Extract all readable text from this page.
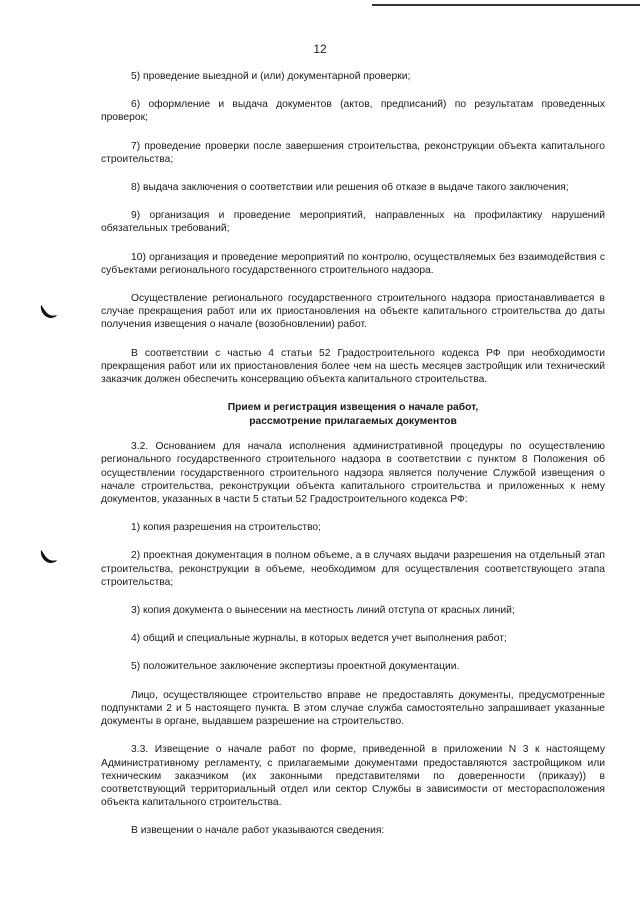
12

5) проведение выездной и (или) документарной проверки;

6) оформление и выдача документов (актов, предписаний) по результатам проведенных проверок;

7) проведение проверки после завершения строительства, реконструкции объекта капитального строительства;

8) выдача заключения о соответствии или решения об отказе в выдаче такого заключения;

9) организация и проведение мероприятий, направленных на профилактику нарушений обязательных требований;

10) организация и проведение мероприятий по контролю, осуществляемых без взаимодействия с субъектами регионального государственного строительного надзора.

Осуществление регионального государственного строительного надзора приостанавливается в случае прекращения работ или их приостановления на объекте капитального строительства до даты получения извещения о начале (возобновлении) работ.

В соответствии с частью 4 статьи 52 Градостроительного кодекса РФ при необходимости прекращения работ или их приостановления более чем на шесть месяцев застройщик или технический заказчик должен обеспечить консервацию объекта капитального строительства.

Прием и регистрация извещения о начале работ,
рассмотрение прилагаемых документов

3.2. Основанием для начала исполнения административной процедуры по осуществлению регионального государственного строительного надзора в соответствии с пунктом 8 Положения об осуществлении государственного строительного надзора является получение Службой извещения о начале строительства, реконструкции объекта капитального строительства и приложенных к нему документов, указанных в части 5 статьи 52 Градостроительного кодекса РФ:

1) копия разрешения на строительство;

2) проектная документация в полном объеме, а в случаях выдачи разрешения на отдельный этап строительства, реконструкции в объеме, необходимом для осуществления соответствующего этапа строительства;

3) копия документа о вынесении на местность линий отступа от красных линий;

4) общий и специальные журналы, в которых ведется учет выполнения работ;

5) положительное заключение экспертизы проектной документации.

Лицо, осуществляющее строительство вправе не предоставлять документы, предусмотренные подпунктами 2 и 5 настоящего пункта. В этом случае служба самостоятельно запрашивает указанные документы в органе, выдавшем разрешение на строительство.

3.3. Извещение о начале работ по форме, приведенной в приложении N 3 к настоящему Административному регламенту, с прилагаемыми документами предоставляются застройщиком или техническим заказчиком (их законными представителями по доверенности (приказу)) в соответствующий территориальный отдел или сектор Службы в зависимости от месторасположения объекта капитального строительства.

В извещении о начале работ указываются сведения:
